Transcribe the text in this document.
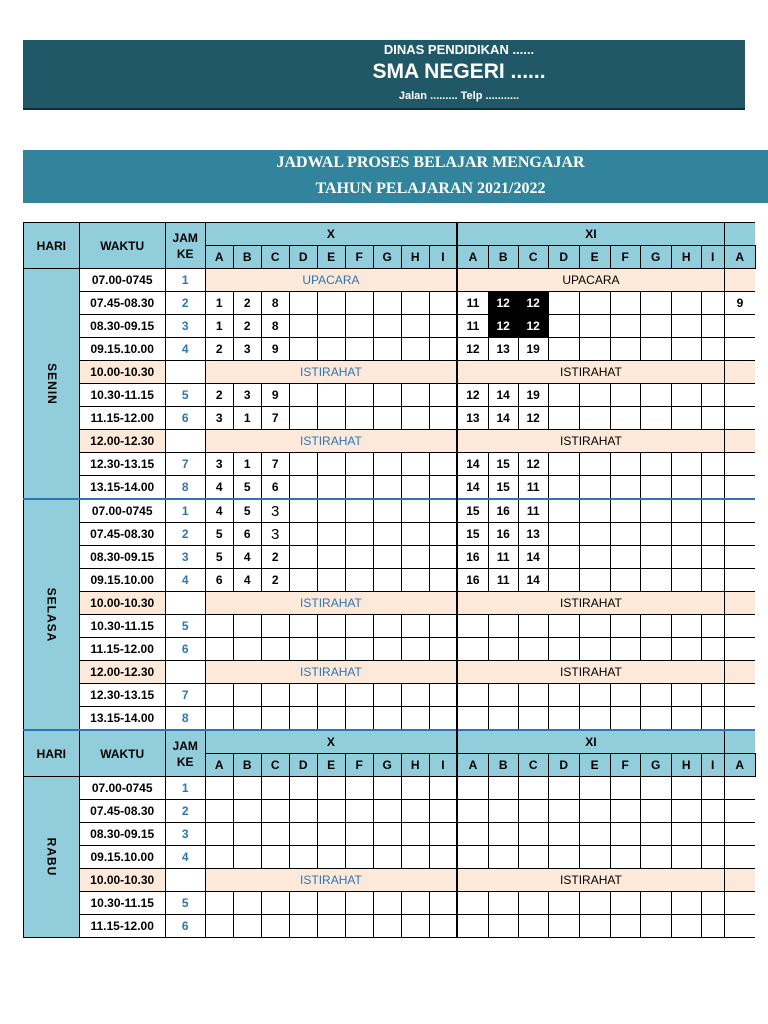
DINAS PENDIDIKAN ......
SMA NEGERI ......
Jalan ......... Telp ...........
JADWAL PROSES BELAJAR MENGAJAR
TAHUN PELAJARAN 2021/2022
HARI	WAKTU	JAM KE	X									XI									
			A	B	C	D	E	F	G	H	I	A	B	C	D	E	F	G	H	I	A
SENIN	07.00-0745	1	UPACARA									UPACARA									
	07.45-08.30	2	1	2	8							11	12	12							9
	08.30-09.15	3	1	2	8							11	12	12							
	09.15.10.00	4	2	3	9							12	13	19							
	10.00-10.30		ISTIRAHAT									ISTIRAHAT									
	10.30-11.15	5	2	3	9							12	14	19							
	11.15-12.00	6	3	1	7							13	14	12							
	12.00-12.30		ISTIRAHAT									ISTIRAHAT									
	12.30-13.15	7	3	1	7							14	15	12							
	13.15-14.00	8	4	5	6							14	15	11							
SELASA	07.00-0745	1	4	5	3							15	16	11							
	07.45-08.30	2	5	6	3							15	16	13							
	08.30-09.15	3	5	4	2							16	11	14							
	09.15.10.00	4	6	4	2							16	11	14							
	10.00-10.30		ISTIRAHAT									ISTIRAHAT									
	10.30-11.15	5																			
	11.15-12.00	6																			
	12.00-12.30		ISTIRAHAT									ISTIRAHAT									
	12.30-13.15	7																			
	13.15-14.00	8																			
HARI	WAKTU	JAM KE	X									XI									
			A	B	C	D	E	F	G	H	I	A	B	C	D	E	F	G	H	I	A
RABU	07.00-0745	1																			
	07.45-08.30	2																			
	08.30-09.15	3																			
	09.15.10.00	4																			
	10.00-10.30		ISTIRAHAT									ISTIRAHAT									
	10.30-11.15	5																			
	11.15-12.00	6																			
